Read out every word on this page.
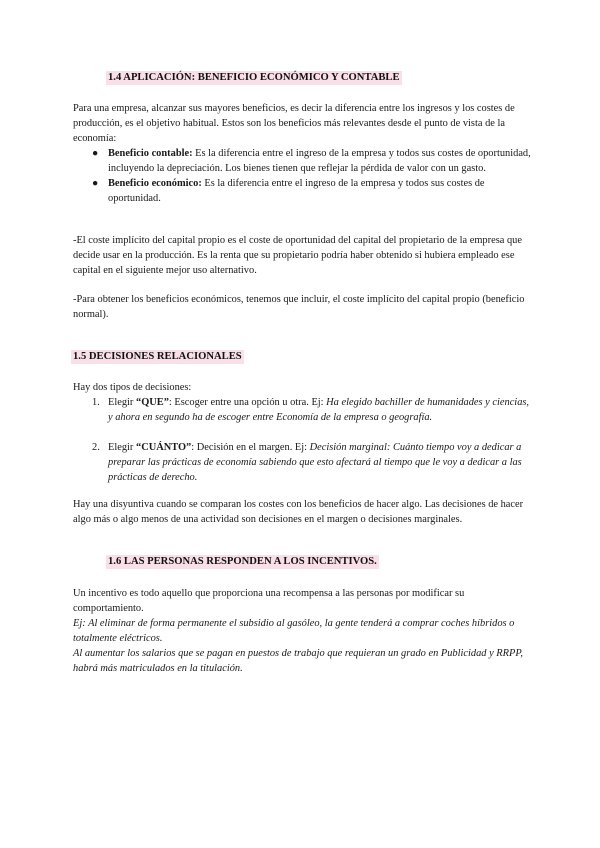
1.4 APLICACIÓN: BENEFICIO ECONÓMICO Y CONTABLE

Para una empresa, alcanzar sus mayores beneficios, es decir la diferencia entre los ingresos y los costes de producción, es el objetivo habitual. Estos son los beneficios más relevantes desde el punto de vista de la economía:

● Beneficio contable: Es la diferencia entre el ingreso de la empresa y todos sus costes de oportunidad, incluyendo la depreciación. Los bienes tienen que reflejar la pérdida de valor con un gasto.
● Beneficio económico: Es la diferencia entre el ingreso de la empresa y todos sus costes de oportunidad.

-El coste implícito del capital propio es el coste de oportunidad del capital del propietario de la empresa que decide usar en la producción. Es la renta que su propietario podría haber obtenido si hubiera empleado ese capital en el siguiente mejor uso alternativo.

-Para obtener los beneficios económicos, tenemos que incluir, el coste implícito del capital propio (beneficio normal).

1.5 DECISIONES RELACIONALES

Hay dos tipos de decisiones:

1. Elegir “QUE”: Escoger entre una opción u otra. Ej: Ha elegido bachiller de humanidades y ciencias, y ahora en segundo ha de escoger entre Economía de la empresa o geografía.
2. Elegir “CUÁNTO”: Decisión en el margen. Ej: Decisión marginal: Cuánto tiempo voy a dedicar a preparar las prácticas de economía sabiendo que esto afectará al tiempo que le voy a dedicar a las prácticas de derecho.

Hay una disyuntiva cuando se comparan los costes con los beneficios de hacer algo. Las decisiones de hacer algo más o algo menos de una actividad son decisiones en el margen o decisiones marginales.

1.6 LAS PERSONAS RESPONDEN A LOS INCENTIVOS.

Un incentivo es todo aquello que proporciona una recompensa a las personas por modificar su comportamiento.

Ej: Al eliminar de forma permanente el subsidio al gasóleo, la gente tenderá a comprar coches híbridos o totalmente eléctricos.

Al aumentar los salarios que se pagan en puestos de trabajo que requieran un grado en Publicidad y RRPP, habrá más matriculados en la titulación.
